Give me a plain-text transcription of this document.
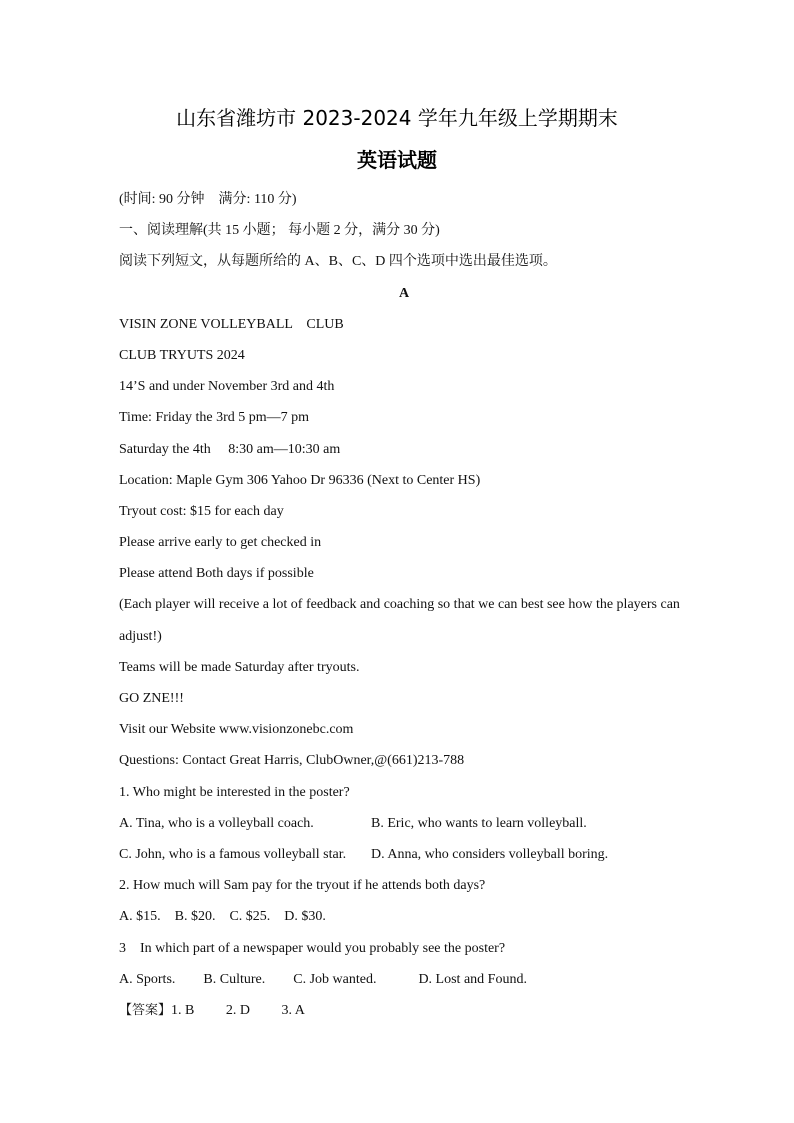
山东省潍坊市 2023-2024 学年九年级上学期期末
英语试题
(时间: 90 分钟　满分: 110 分)
一、阅读理解(共 15 小题； 每小题 2 分，满分 30 分)
阅读下列短文，从每题所给的 A、B、C、D 四个选项中选出最佳选项。
A
VISIN ZONE VOLLEYBALL　CLUB
CLUB TRYUTS 2024
14’S and under November 3rd and 4th
Time: Friday the 3rd 5 pm—7 pm
Saturday the 4th　 8:30 am—10:30 am
Location: Maple Gym 306 Yahoo Dr 96336 (Next to Center HS)
Tryout cost: $15 for each day
Please arrive early to get checked in
Please attend Both days if possible
(Each player will receive a lot of feedback and coaching so that we can best see how the players can
adjust!)
Teams will be made Saturday after tryouts.
GO ZNE!!!
Visit our Website www.visionzonebc.com
Questions: Contact Great Harris, ClubOwner,@(661)213-788
1. Who might be interested in the poster?
A. Tina, who is a volleyball coach.	B. Eric, who wants to learn volleyball.
C. John, who is a famous volleyball star.	D. Anna, who considers volleyball boring.
2. How much will Sam pay for the tryout if he attends both days?
A. $15.　B. $20.　C. $25.　D. $30.
3　In which part of a newspaper would you probably see the poster?
A. Sports.　　B. Culture.　　C. Job wanted.　　　D. Lost and Found.
【答案】1. B　　 2. D　　 3. A
